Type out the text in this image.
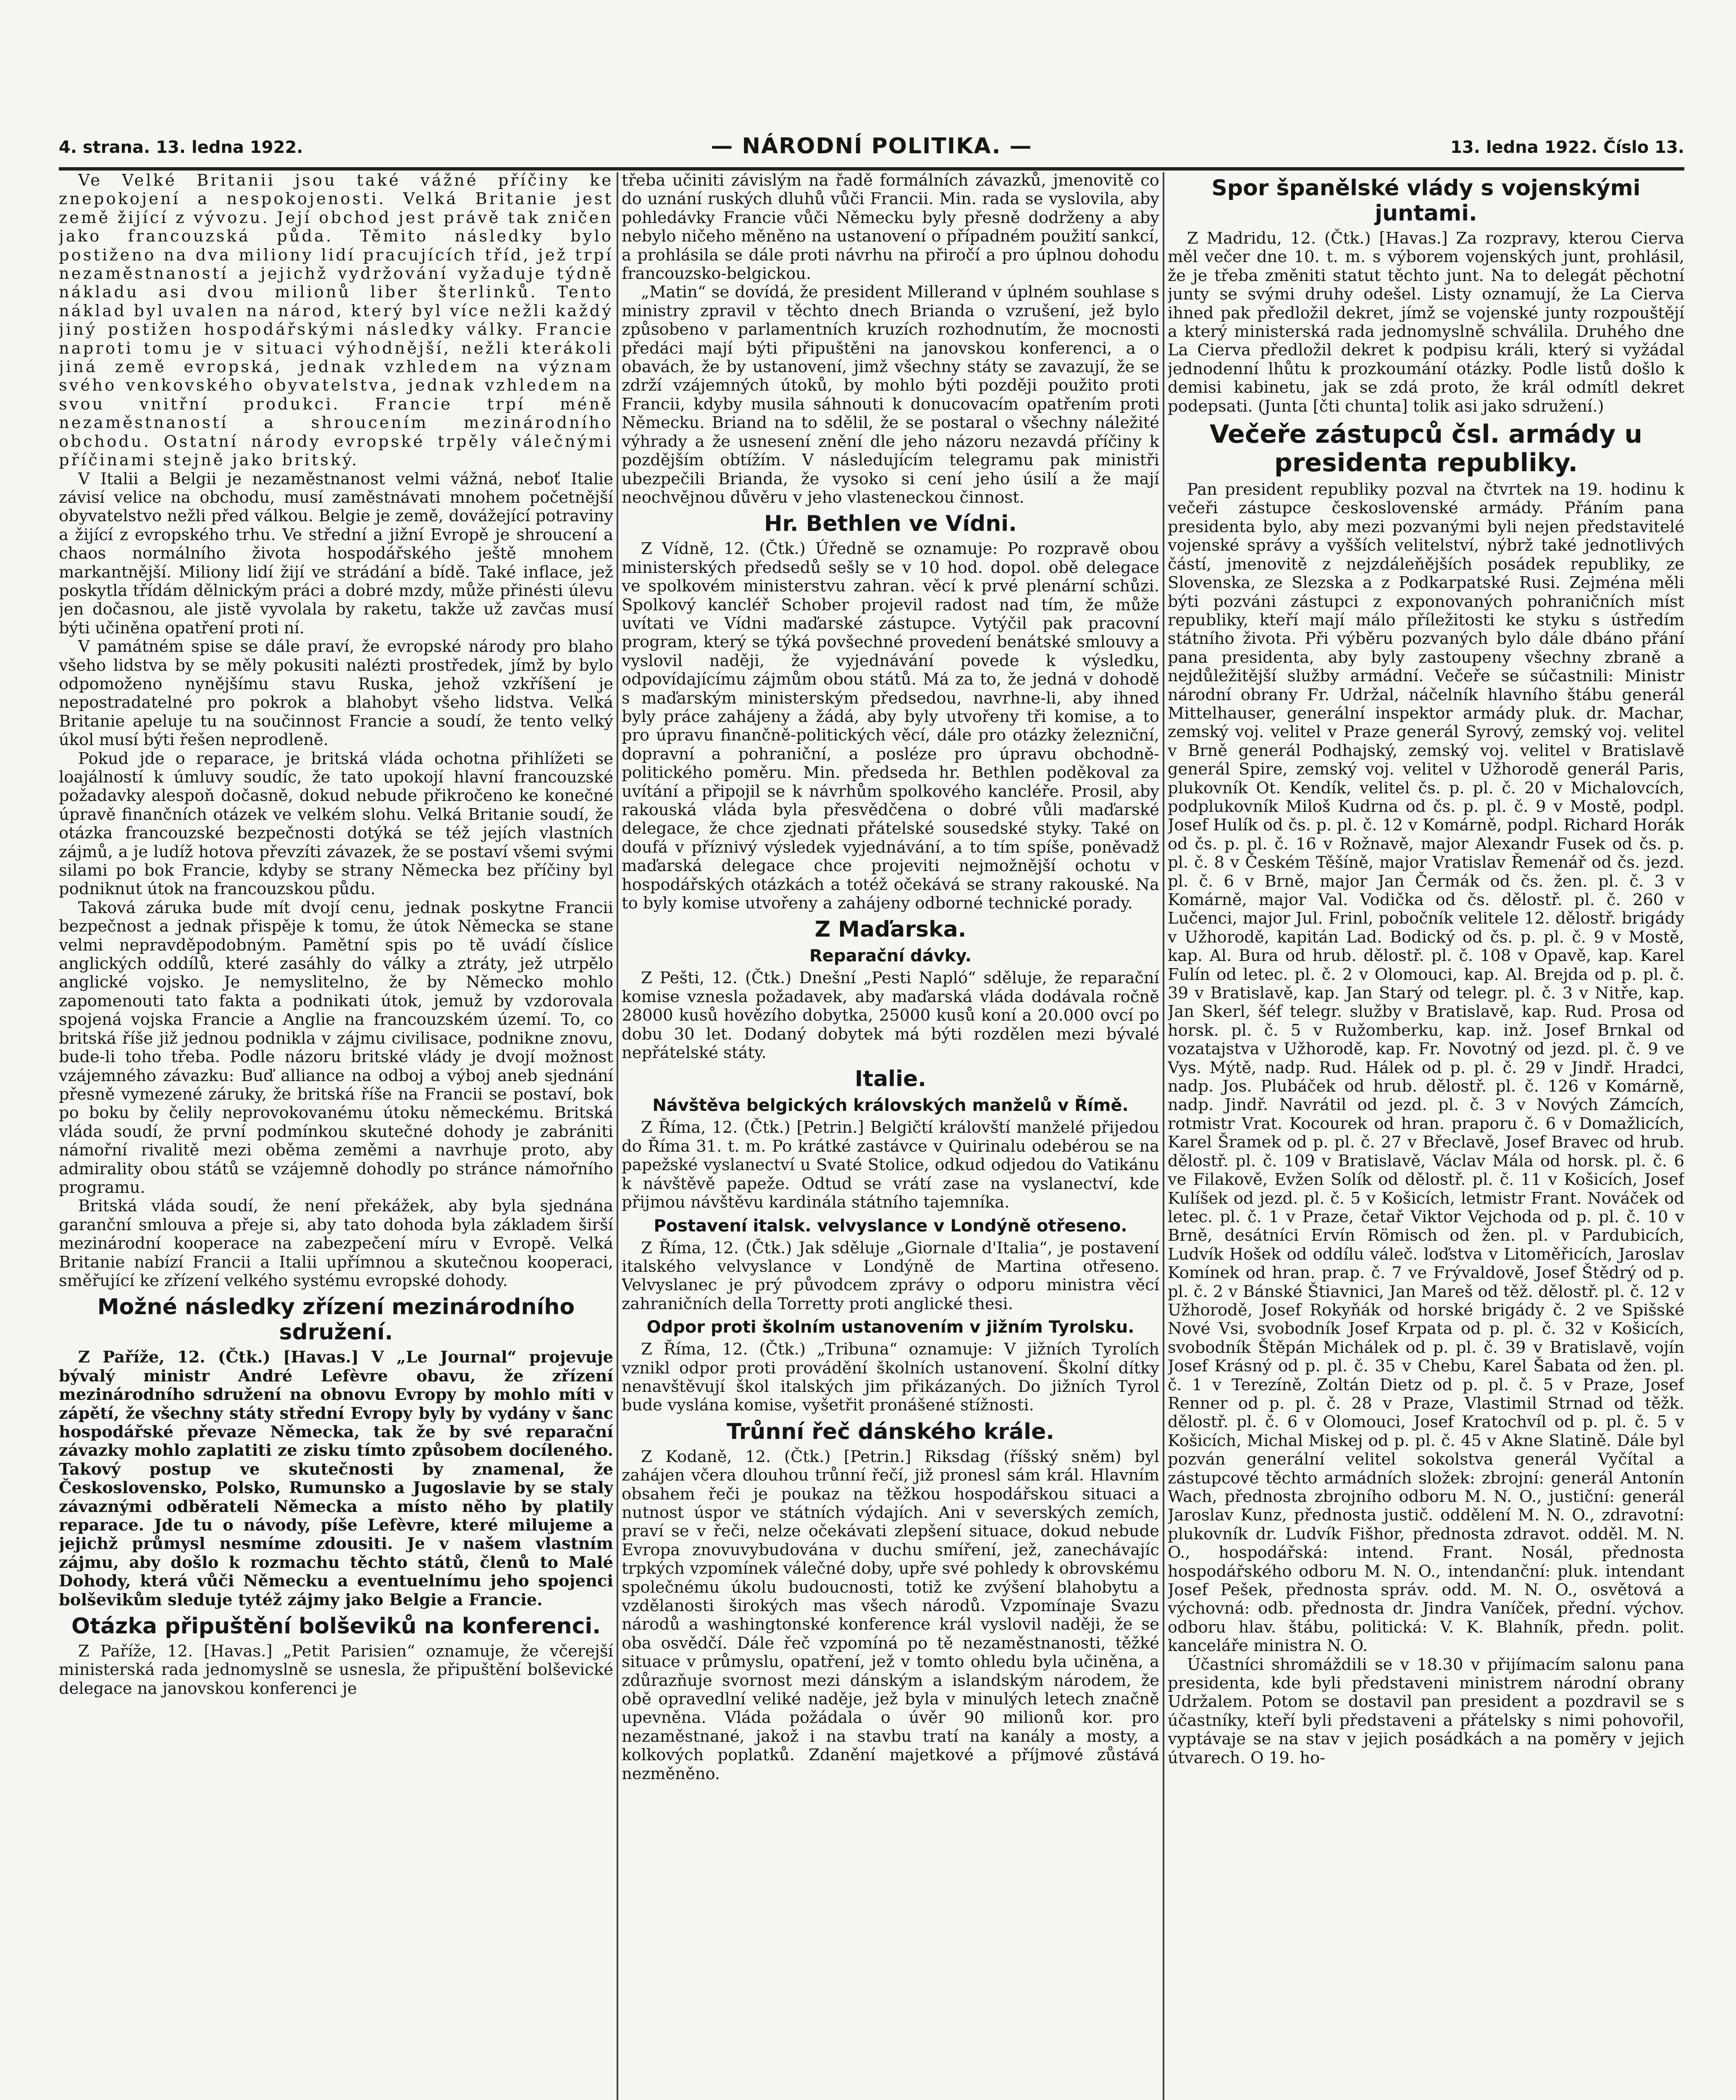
4. strana. 13. ledna 1922.	— NÁRODNÍ POLITIKA. —	13. ledna 1922. Číslo 13.

Ve Velké Britanii jsou také vážné příčiny ke znepokojení a nespokojenosti. Velká Britanie jest země žijící z vývozu. Její obchod jest právě tak zničen jako francouzská půda. Těmito následky bylo postiženo na dva miliony lidí pracujících tříd, jež trpí nezaměstnaností a jejichž vydržování vyžaduje týdně nákladu asi dvou milionů liber šterlinků. Tento náklad byl uvalen na národ, který byl více nežli každý jiný postižen hospodářskými následky války. Francie naproti tomu je v situaci výhodnější, nežli kterákoli jiná země evropská, jednak vzhledem na význam svého venkovského obyvatelstva, jednak vzhledem na svou vnitřní produkci. Francie trpí méně nezaměstnaností a shroucením mezinárodního obchodu. Ostatní národy evropské trpěly válečnými příčinami stejně jako britský.

V Italii a Belgii je nezaměstnanost velmi vážná, neboť Italie závisí velice na obchodu, musí zaměstnávati mnohem početnější obyvatelstvo nežli před válkou. Belgie je země, dovážející potraviny a žijící z evropského trhu. Ve střední a jižní Evropě je shroucení a chaos normálního života hospodářského ještě mnohem markantnější. Miliony lidí žijí ve strádání a bídě. Také inflace, jež poskytla třídám dělnickým práci a dobré mzdy, může přinésti úlevu jen dočasnou, ale jistě vyvolala by raketu, takže už zavčas musí býti učiněna opatření proti ní.

V památném spise se dále praví, že evropské národy pro blaho všeho lidstva by se měly pokusiti nalézti prostředek, jímž by bylo odpomoženo nynějšímu stavu Ruska, jehož vzkříšení je nepostradatelné pro pokrok a blahobyt všeho lidstva. Velká Britanie apeluje tu na součinnost Francie a soudí, že tento velký úkol musí býti řešen neprodleně.

Pokud jde o reparace, je britská vláda ochotna přihlížeti se loajálností k úmluvy soudíc, že tato upokojí hlavní francouzské požadavky alespoň dočasně, dokud nebude přikročeno ke konečné úpravě finančních otázek ve velkém slohu. Velká Britanie soudí, že otázka francouzské bezpečnosti dotýká se též jejích vlastních zájmů, a je ludíž hotova převzíti závazek, že se postaví všemi svými silami po bok Francie, kdyby se strany Německa bez příčiny byl podniknut útok na francouzskou půdu.

Taková záruka bude mít dvojí cenu, jednak poskytne Francii bezpečnost a jednak přispěje k tomu, že útok Německa se stane velmi nepravděpodobným. Pamětní spis po tě uvádí číslice anglických oddílů, které zasáhly do války a ztráty, jež utrpělo anglické vojsko. Je nemyslitelno, že by Německo mohlo zapomenouti tato fakta a podnikati útok, jemuž by vzdorovala spojená vojska Francie a Anglie na francouzském území. To, co britská říše již jednou podnikla v zájmu civilisace, podnikne znovu, bude-li toho třeba. Podle názoru britské vlády je dvojí možnost vzájemného závazku: Buď alliance na odboj a výboj aneb sjednání přesně vymezené záruky, že britská říše na Francii se postaví, bok po boku by čelily neprovokovanému útoku německému. Britská vláda soudí, že první podmínkou skutečné dohody je zabrániti námořní rivalitě mezi oběma zeměmi a navrhuje proto, aby admirality obou států se vzájemně dohodly po stránce námořního programu.

Britská vláda soudí, že není překážek, aby byla sjednána garanční smlouva a přeje si, aby tato dohoda byla základem širší mezinárodní kooperace na zabezpečení míru v Evropě. Velká Britanie nabízí Francii a Italii upřímnou a skutečnou kooperaci, směřující ke zřízení velkého systému evropské dohody.

Možné následky zřízení mezinárodního sdružení.

Z Paříže, 12. (Čtk.) [Havas.] V „Le Journal“ projevuje bývalý ministr André Lefèvre obavu, že zřízení mezinárodního sdružení na obnovu Evropy by mohlo míti v zápětí, že všechny státy střední Evropy byly by vydány v šanc hospodářské převaze Německa, tak že by své reparační závazky mohlo zaplatiti ze zisku tímto způsobem docíleného. Takový postup ve skutečnosti by znamenal, že Československo, Polsko, Rumunsko a Jugoslavie by se staly závaznými odběrateli Německa a místo něho by platily reparace. Jde tu o návody, píše Lefèvre, které milujeme a jejichž průmysl nesmíme zdousiti. Je v našem vlastním zájmu, aby došlo k rozmachu těchto států, členů to Malé Dohody, která vůči Německu a eventuelnímu jeho spojenci bolševikům sleduje tytéž zájmy jako Belgie a Francie.

Otázka připuštění bolševiků na konferenci.

Z Paříže, 12. [Havas.] „Petit Parisien“ oznamuje, že včerejší ministerská rada jednomyslně se usnesla, že připuštění bolševické delegace na janovskou konferenci je

třeba učiniti závislým na řadě formálních závazků, jmenovitě co do uznání ruských dluhů vůči Francii. Min. rada se vyslovila, aby pohledávky Francie vůči Německu byly přesně dodrženy a aby nebylo ničeho měněno na ustanovení o případném použití sankcí, a prohlásila se dále proti návrhu na přiročí a pro úplnou dohodu francouzsko-belgickou.

„Matin“ se dovídá, že president Millerand v úplném souhlase s ministry zpravil v těchto dnech Brianda o vzrušení, jež bylo způsobeno v parlamentních kruzích rozhodnutím, že mocnosti předáci mají býti připuštěni na janovskou konferenci, a o obavách, že by ustanovení, jimž všechny státy se zavazují, že se zdrží vzájemných útoků, by mohlo býti později použito proti Francii, kdyby musila sáhnouti k donucovacím opatřením proti Německu. Briand na to sdělil, že se postaral o všechny náležité výhrady a že usnesení znění dle jeho názoru nezavdá příčiny k pozdějším obtížím. V následujícím telegramu pak ministři ubezpečili Brianda, že vysoko si cení jeho úsilí a že mají neochvějnou důvěru v jeho vlasteneckou činnost.

Hr. Bethlen ve Vídni.

Z Vídně, 12. (Čtk.) Úředně se oznamuje: Po rozpravě obou ministerských předsedů sešly se v 10 hod. dopol. obě delegace ve spolkovém ministerstvu zahran. věcí k prvé plenární schůzi. Spolkový kancléř Schober projevil radost nad tím, že může uvítati ve Vídni maďarské zástupce. Vytýčil pak pracovní program, který se týká povšechné provedení benátské smlouvy a vyslovil naději, že vyjednávání povede k výsledku, odpovídajícímu zájmům obou států. Má za to, že jedná v dohodě s maďarským ministerským předsedou, navrhne-li, aby ihned byly práce zahájeny a žádá, aby byly utvořeny tři komise, a to pro úpravu finančně-politických věcí, dále pro otázky železniční, dopravní a pohraniční, a posléze pro úpravu obchodně-politického poměru. Min. předseda hr. Bethlen poděkoval za uvítání a připojil se k návrhům spolkového kancléře. Prosil, aby rakouská vláda byla přesvědčena o dobré vůli maďarské delegace, že chce zjednati přátelské sousedské styky. Také on doufá v příznivý výsledek vyjednávání, a to tím spíše, poněvadž maďarská delegace chce projeviti nejmožnější ochotu v hospodářských otázkách a totéž očekává se strany rakouské. Na to byly komise utvořeny a zahájeny odborné technické porady.

Z Maďarska.
Reparační dávky.

Z Pešti, 12. (Čtk.) Dnešní „Pesti Napló“ sděluje, že reparační komise vznesla požadavek, aby maďarská vláda dodávala ročně 28000 kusů hovězího dobytka, 25000 kusů koní a 20.000 ovcí po dobu 30 let. Dodaný dobytek má býti rozdělen mezi bývalé nepřátelské státy.

Italie.
Návštěva belgických královských manželů v Římě.

Z Říma, 12. (Čtk.) [Petrin.] Belgičtí královští manželé přijedou do Říma 31. t. m. Po krátké zastávce v Quirinalu odebérou se na papežské vyslanectví u Svaté Stolice, odkud odjedou do Vatikánu k návštěvě papeže. Odtud se vrátí zase na vyslanectví, kde přijmou návštěvu kardinála státního tajemníka.

Postavení italsk. velvyslance v Londýně otřeseno.

Z Říma, 12. (Čtk.) Jak sděluje „Giornale d'Italia“, je postavení italského velvyslance v Londýně de Martina otřeseno. Velvyslanec je prý původcem zprávy o odporu ministra věcí zahraničních della Torretty proti anglické thesi.

Odpor proti školním ustanovením v jižním Tyrolsku.

Z Říma, 12. (Čtk.) „Tribuna“ oznamuje: V jižních Tyrolích vznikl odpor proti provádění školních ustanovení. Školní dítky nenavštěvují škol italských jim přikázaných. Do jižních Tyrol bude vyslána komise, vyšetřit pronášené stížnosti.

Trůnní řeč dánského krále.

Z Kodaně, 12. (Čtk.) [Petrin.] Riksdag (říšský sněm) byl zahájen včera dlouhou trůnní řečí, již pronesl sám král. Hlavním obsahem řeči je poukaz na těžkou hospodářskou situaci a nutnost úspor ve státních výdajích. Ani v severských zemích, praví se v řeči, nelze očekávati zlepšení situace, dokud nebude Evropa znovuvybudována v duchu smíření, jež, zanechávajíc trpkých vzpomínek válečné doby, upře své pohledy k obrovskému společnému úkolu budoucnosti, totiž ke zvýšení blahobytu a vzdělanosti širokých mas všech národů. Vzpomínaje Svazu národů a washingtonské konference král vyslovil naději, že se oba osvědčí. Dále řeč vzpomíná po tě nezaměstnanosti, těžké situace v průmyslu, opatření, jež v tomto ohledu byla učiněna, a zdůrazňuje svornost mezi dánským a islandským národem, že obě opravedlní veliké naděje, jež byla v minulých letech značně upevněna. Vláda požádala o úvěr 90 milionů kor. pro nezaměstnané, jakož i na stavbu tratí na kanály a mosty, a kolkových poplatků. Zdanění majetkové a příjmové zůstává nezměněno.

Spor španělské vlády s vojenskými juntami.

Z Madridu, 12. (Čtk.) [Havas.] Za rozpravy, kterou Cierva měl večer dne 10. t. m. s výborem vojenských junt, prohlásil, že je třeba změniti statut těchto junt. Na to delegát pěchotní junty se svými druhy odešel. Listy oznamují, že La Cierva ihned pak předložil dekret, jímž se vojenské junty rozpouštějí a který ministerská rada jednomyslně schválila. Druhého dne La Cierva předložil dekret k podpisu králi, který si vyžádal jednodenní lhůtu k prozkoumání otázky. Podle listů došlo k demisi kabinetu, jak se zdá proto, že král odmítl dekret podepsati. (Junta [čti chunta] tolik asi jako sdružení.)

Večeře zástupců čsl. armády u presidenta republiky.

Pan president republiky pozval na čtvrtek na 19. hodinu k večeři zástupce československé armády. Přáním pana presidenta bylo, aby mezi pozvanými byli nejen představitelé vojenské správy a vyšších velitelství, nýbrž také jednotlivých částí, jmenovitě z nejzdáleňějších posádek republiky, ze Slovenska, ze Slezska a z Podkarpatské Rusi. Zejména měli býti pozváni zástupci z exponovaných pohraničních míst republiky, kteří mají málo příležitosti ke styku s ústředím státního života. Při výběru pozvaných bylo dále dbáno přání pana presidenta, aby byly zastoupeny všechny zbraně a nejdůležitější služby armádní. Večeře se súčastnili: Ministr národní obrany Fr. Udržal, náčelník hlavního štábu generál Mittelhauser, generální inspektor armády pluk. dr. Machar, zemský voj. velitel v Praze generál Syrový, zemský voj. velitel v Brně generál Podhajský, zemský voj. velitel v Bratislavě generál Spire, zemský voj. velitel v Užhorodě generál Paris, plukovník Ot. Kendík, velitel čs. p. pl. č. 20 v Michalovcích, podplukovník Miloš Kudrna od čs. p. pl. č. 9 v Mostě, podpl. Josef Hulík od čs. p. pl. č. 12 v Komárně, podpl. Richard Horák od čs. p. pl. č. 16 v Rožnavě, major Alexandr Fusek od čs. p. pl. č. 8 v Českém Těšíně, major Vratislav Řemenář od čs. jezd. pl. č. 6 v Brně, major Jan Čermák od čs. žen. pl. č. 3 v Komárně, major Val. Vodička od čs. dělostř. pl. č. 260 v Lučenci, major Jul. Frinl, pobočník velitele 12. dělostř. brigády v Užhorodě, kapitán Lad. Bodický od čs. p. pl. č. 9 v Mostě, kap. Al. Bura od hrub. dělostř. pl. č. 108 v Opavě, kap. Karel Fulín od letec. pl. č. 2 v Olomouci, kap. Al. Brejda od p. pl. č. 39 v Bratislavě, kap. Jan Starý od telegr. pl. č. 3 v Nitře, kap. Jan Skerl, šéf telegr. služby v Bratislavě, kap. Rud. Prosa od horsk. pl. č. 5 v Ružomberku, kap. inž. Josef Brnkal od vozatajstva v Užhorodě, kap. Fr. Novotný od jezd. pl. č. 9 ve Vys. Mýtě, nadp. Rud. Hálek od p. pl. č. 29 v Jindř. Hradci, nadp. Jos. Plubáček od hrub. dělostř. pl. č. 126 v Komárně, nadp. Jindř. Navrátil od jezd. pl. č. 3 v Nových Zámcích, rotmistr Vrat. Kocourek od hran. praporu č. 6 v Domažlicích, Karel Šramek od p. pl. č. 27 v Břeclavě, Josef Bravec od hrub. dělostř. pl. č. 109 v Bratislavě, Václav Mála od horsk. pl. č. 6 ve Filakově, Evžen Solík od dělostř. pl. č. 11 v Košicích, Josef Kulíšek od jezd. pl. č. 5 v Košicích, letmistr Frant. Nováček od letec. pl. č. 1 v Praze, četař Viktor Vejchoda od p. pl. č. 10 v Brně, desátníci Ervín Römisch od žen. pl. v Pardubicích, Ludvík Hošek od oddílu váleč. loďstva v Litoměřicích, Jaroslav Komínek od hran. prap. č. 7 ve Frývaldově, Josef Štědrý od p. pl. č. 2 v Bánské Štiavnici, Jan Mareš od těž. dělostř. pl. č. 12 v Užhorodě, Josef Rokyňák od horské brigády č. 2 ve Spišské Nové Vsi, svobodník Josef Krpata od p. pl. č. 32 v Košicích, svobodník Štěpán Michálek od p. pl. č. 39 v Bratislavě, vojín Josef Krásný od p. pl. č. 35 v Chebu, Karel Šabata od žen. pl. č. 1 v Terezíně, Zoltán Dietz od p. pl. č. 5 v Praze, Josef Renner od p. pl. č. 28 v Praze, Vlastimil Strnad od těžk. dělostř. pl. č. 6 v Olomouci, Josef Kratochvíl od p. pl. č. 5 v Košicích, Michal Miskej od p. pl. č. 45 v Akne Slatině. Dále byl pozván generální velitel sokolstva generál Vyčítal a zástupcové těchto armádních složek: zbrojní: generál Antonín Wach, přednosta zbrojního odboru M. N. O., justiční: generál Jaroslav Kunz, přednosta justič. oddělení M. N. O., zdravotní: plukovník dr. Ludvík Fišhor, přednosta zdravot. odděl. M. N. O., hospodářská: intend. Frant. Nosál, přednosta hospodářského odboru M. N. O., intendanční: pluk. intendant Josef Pešek, přednosta správ. odd. M. N. O., osvětová a výchovná: odb. přednosta dr. Jindra Vaníček, přední. výchov. odboru hlav. štábu, politická: V. K. Blahník, předn. polit. kanceláře ministra N. O.

Účastníci shromáždili se v 18.30 v přijímacím salonu pana presidenta, kde byli představeni ministrem národní obrany Udržalem. Potom se dostavil pan president a pozdravil se s účastníky, kteří byli představeni a přátelsky s nimi pohovořil, vyptávaje se na stav v jejich posádkách a na poměry v jejich útvarech. O 19. ho-
